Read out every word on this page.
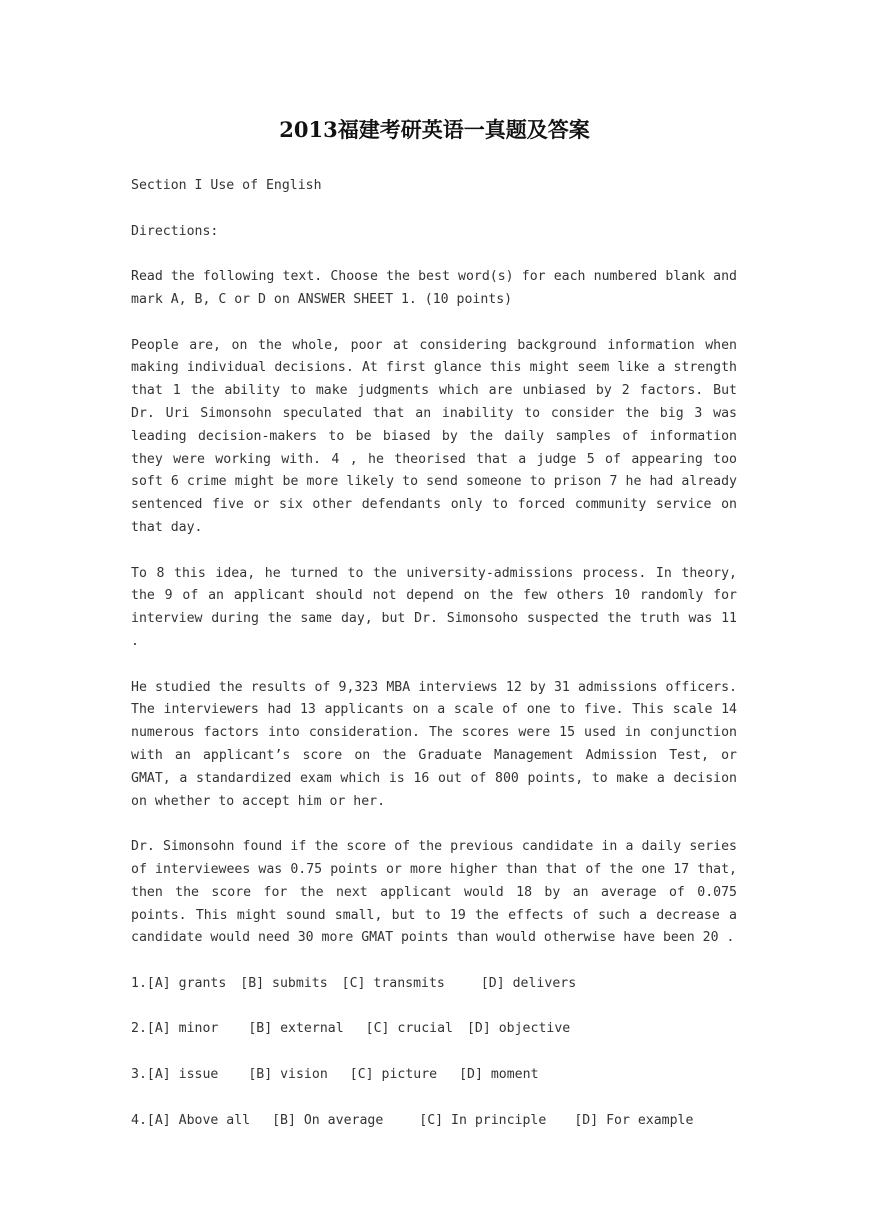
2013福建考研英语一真题及答案

Section I Use of English

Directions:

Read the following text. Choose the best word(s) for each numbered blank and mark A, B, C or D on ANSWER SHEET 1. (10 points)

People are, on the whole, poor at considering background information when making individual decisions. At first glance this might seem like a strength that 1 the ability to make judgments which are unbiased by 2 factors. But Dr. Uri Simonsohn speculated that an inability to consider the big 3 was leading decision-makers to be biased by the daily samples of information they were working with. 4 , he theorised that a judge 5 of appearing too soft 6 crime might be more likely to send someone to prison 7 he had already sentenced five or six other defendants only to forced community service on that day.

To 8 this idea, he turned to the university-admissions process. In theory, the 9 of an applicant should not depend on the few others 10 randomly for interview during the same day, but Dr. Simonsoho suspected the truth was 11 .

He studied the results of 9,323 MBA interviews 12 by 31 admissions officers. The interviewers had 13 applicants on a scale of one to five. This scale 14 numerous factors into consideration. The scores were 15 used in conjunction with an applicant’s score on the Graduate Management Admission Test, or GMAT, a standardized exam which is 16 out of 800 points, to make a decision on whether to accept him or her.

Dr. Simonsohn found if the score of the previous candidate in a daily series of interviewees was 0.75 points or more higher than that of the one 17 that, then the score for the next applicant would 18 by an average of 0.075 points. This might sound small, but to 19 the effects of such a decrease a candidate would need 30 more GMAT points than would otherwise have been 20 .

1.[A] grants [B] submits [C] transmits	[D] delivers

2.[A] minor [B] external [C] crucial [D] objective

3.[A] issue [B] vision [C] picture [D] moment

4.[A] Above all [B] On average	[C] In principle [D] For example
